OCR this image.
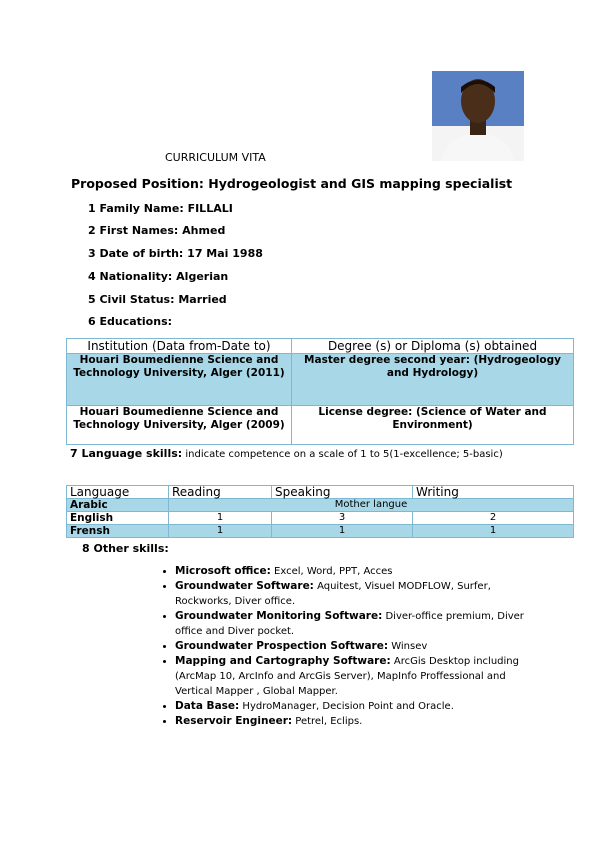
CURRICULUM VITA
Proposed Position: Hydrogeologist and GIS mapping specialist
1 Family Name: FILLALI
2 First Names: Ahmed
3 Date of birth: 17 Mai 1988
4 Nationality: Algerian
5 Civil Status: Married
6 Educations:
Institution (Data from-Date to)	Degree (s) or Diploma (s) obtained
Houari Boumedienne Science and Technology University, Alger (2011)	Master degree second year: (Hydrogeology and Hydrology)
Houari Boumedienne Science and Technology University, Alger (2009)	License degree: (Science of Water and Environment)
7 Language skills: indicate competence on a scale of 1 to 5(1-excellence; 5-basic)
Language	Reading	Speaking	Writing
Arabic	Mother langue		
English	1	3	2
Frensh	1	1	1
8 Other skills:
• Microsoft office: Excel, Word, PPT, Acces
• Groundwater Software: Aquitest, Visuel MODFLOW, Surfer, Rockworks, Diver office.
• Groundwater Monitoring Software: Diver-office premium, Diver office and Diver pocket.
• Groundwater Prospection Software: Winsev
• Mapping and Cartography Software: ArcGis Desktop including (ArcMap 10, ArcInfo and ArcGis Server), MapInfo Proffessional and Vertical Mapper , Global Mapper.
• Data Base: HydroManager, Decision Point and Oracle.
• Reservoir Engineer: Petrel, Eclips.
